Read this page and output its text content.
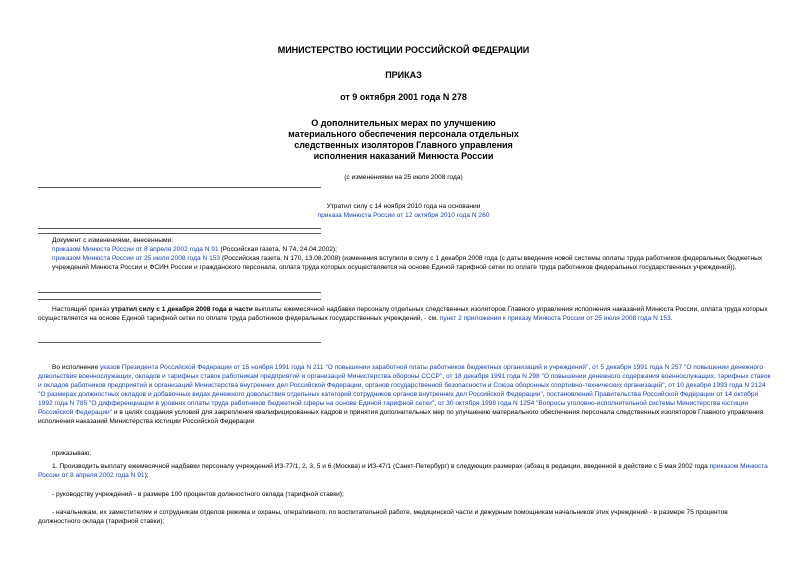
МИНИСТЕРСТВО ЮСТИЦИИ РОССИЙСКОЙ ФЕДЕРАЦИИ
ПРИКАЗ
от 9 октября 2001 года N 278
О дополнительных мерах по улучшению материального обеспечения персонала отдельных следственных изоляторов Главного управления исполнения наказаний Минюста России
(с изменениями на 25 июля 2008 года)
Утратил силу с 14 ноября 2010 года на основании
приказа Минюста России от 12 октября 2010 года N 260
Документ с изменениями, внесенными:
приказом Минюста России от 8 апреля 2002 года N 91 (Российская газета, N 74, 24.04.2002);
приказом Минюста России от 25 июля 2008 года N 153 (Российская газета, N 170, 13.08.2008) (изменения вступили в силу с 1 декабря 2008 года (с даты введения новой системы оплаты труда работников федеральных бюджетных учреждений Минюста России и ФСИН России и гражданского персонала, оплата труда которых осуществляется на основе Единой тарифной сетки по оплате труда работников федеральных государственных учреждений)).
Настоящий приказ утратил силу с 1 декабря 2008 года в части выплаты ежемесячной надбавки персоналу отдельных следственных изоляторов Главного управления исполнения наказаний Минюста России, оплата труда которых осуществляется на основе Единой тарифной сетки по оплате труда работников федеральных государственных учреждений, - см. пункт 2 приложения к приказу Минюста России от 25 июля 2008 года N 153.
Во исполнение указов Президента Российской Федерации от 15 ноября 1991 года N 211 "О повышении заработной платы работников бюджетных организаций и учреждений", от 5 декабря 1991 года N 257 "О повышении денежного довольствия военнослужащих, окладов и тарифных ставок работникам предприятий и организаций Министерства обороны СССР", от 18 декабря 1991 года N 298 "О повышении денежного содержания военнослужащих, тарифных ставок и окладов работников предприятий и организаций Министерства внутренних дел Российской Федерации, органов государственной безопасности и Союза оборонных спортивно-технических организаций", от 10 декабря 1993 года N 2124 "О размерах должностных окладов и добавочных видах денежного довольствия отдельных категорий сотрудников органов внутренних дел Российской Федерации", постановлений Правительства Российской Федерации от 14 октября 1992 года N 785 "О дифференциации в уровнях оплаты труда работников бюджетной сферы на основе Единой тарифной сетки", от 30 октября 1998 года N 1254 "Вопросы уголовно-исполнительной системы Министерства юстиции Российской Федерации" и в целях создания условий для закрепления квалифицированных кадров и принятия дополнительных мер по улучшению материального обеспечения персонала следственных изоляторов Главного управления исполнения наказаний Министерства юстиции Российской Федерации
приказываю:
1. Производить выплату ежемесячной надбавки персоналу учреждений ИЗ-77/1, 2, 3, 5 и 6 (Москва) и ИЗ-47/1 (Санкт-Петербург) в следующих размерах (абзац в редакции, введенной в действие с 5 мая 2002 года приказом Минюста России от 8 апреля 2002 года N 91);
- руководству учреждений - в размере 100 процентов должностного оклада (тарифной ставки);
- начальникам, их заместителям и сотрудникам отделов режима и охраны, оперативного, по воспитательной работе, медицинской части и дежурным помощникам начальников этих учреждений - в размере 75 процентов должностного оклада (тарифной ставки);
